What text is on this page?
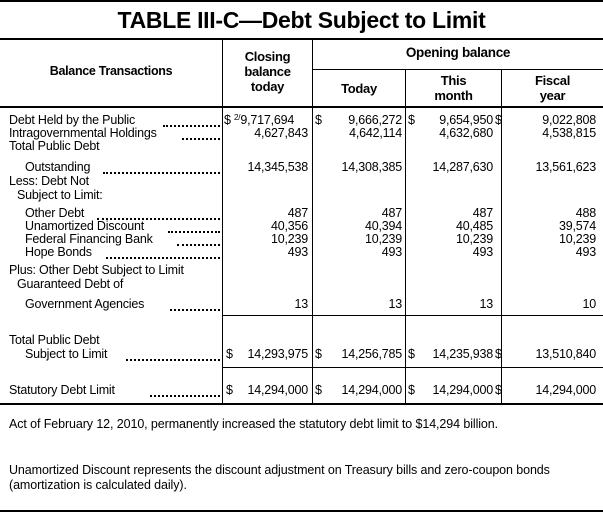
TABLE III-C—Debt Subject to Limit
Balance Transactions
Closing
balance
today
Opening balance
Today
This
month
Fiscal
year
Debt Held by the Public	$ $^{2/}$9,717,694 $	9,666,272 $	9,654,950 $	9,022,808
Intragovernmental Holdings	4,627,843	4,642,114	4,632,680	4,538,815
Total Public Debt
Outstanding	14,345,538	14,308,385	14,287,630	13,561,623
Less: Debt Not
Subject to Limit:
Other Debt	487	487	487	488
Unamortized Discount	40,356	40,394	40,485	39,574
Federal Financing Bank	10,239	10,239	10,239	10,239
Hope Bonds	493	493	493	493
Plus: Other Debt Subject to Limit
Guaranteed Debt of
Government Agencies	13	13	13	10
Total Public Debt
Subject to Limit	$	14,293,975 $	14,256,785 $	14,235,938 $	13,510,840
Statutory Debt Limit	$	14,294,000 $	14,294,000 $	14,294,000 $	14,294,000
Act of February 12, 2010, permanently increased the statutory debt limit to $14,294 billion.
Unamortized Discount represents the discount adjustment on Treasury bills and zero-coupon bonds (amortization is calculated daily).
